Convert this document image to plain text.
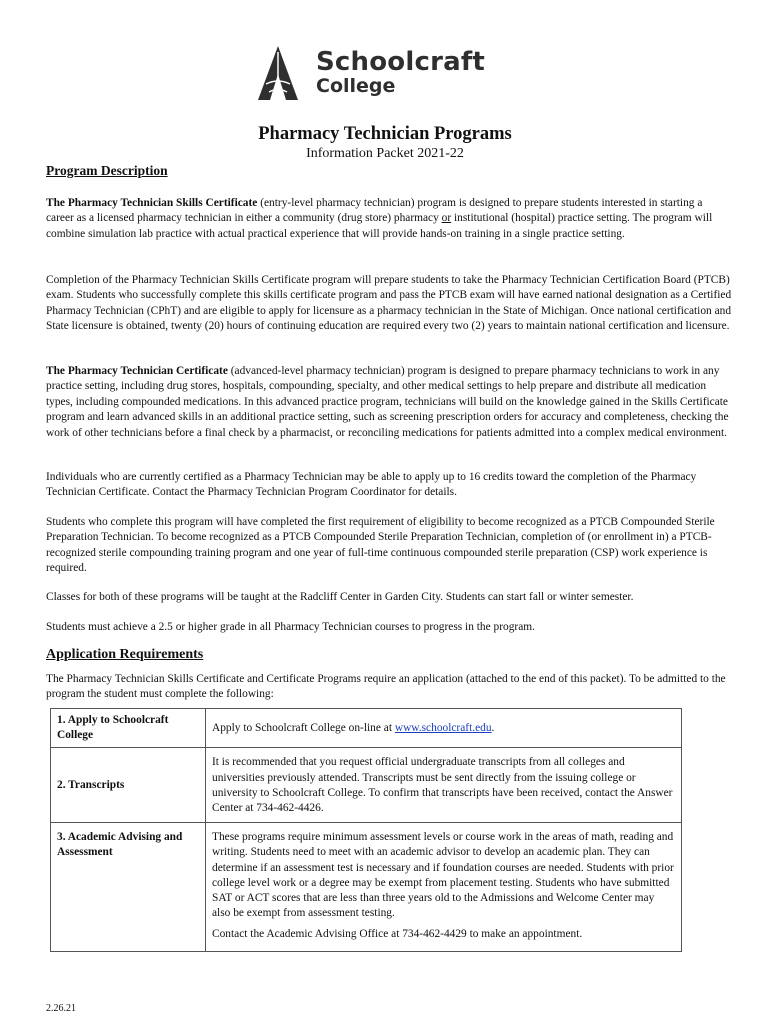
Schoolcraft
College
Pharmacy Technician Programs
Information Packet 2021-22
Program Description

The Pharmacy Technician Skills Certificate (entry-level pharmacy technician) program is designed to prepare students interested in starting a career as a licensed pharmacy technician in either a community (drug store) pharmacy or institutional (hospital) practice setting. The program will combine simulation lab practice with actual practical experience that will provide hands-on training in a single practice setting.

Completion of the Pharmacy Technician Skills Certificate program will prepare students to take the Pharmacy Technician Certification Board (PTCB) exam. Students who successfully complete this skills certificate program and pass the PTCB exam will have earned national designation as a Certified Pharmacy Technician (CPhT) and are eligible to apply for licensure as a pharmacy technician in the State of Michigan. Once national certification and State licensure is obtained, twenty (20) hours of continuing education are required every two (2) years to maintain national certification and licensure.

The Pharmacy Technician Certificate (advanced-level pharmacy technician) program is designed to prepare pharmacy technicians to work in any practice setting, including drug stores, hospitals, compounding, specialty, and other medical settings to help prepare and distribute all medication types, including compounded medications. In this advanced practice program, technicians will build on the knowledge gained in the Skills Certificate program and learn advanced skills in an additional practice setting, such as screening prescription orders for accuracy and completeness, checking the work of other technicians before a final check by a pharmacist, or reconciling medications for patients admitted into a complex medical environment.

Individuals who are currently certified as a Pharmacy Technician may be able to apply up to 16 credits toward the completion of the Pharmacy Technician Certificate. Contact the Pharmacy Technician Program Coordinator for details.

Students who complete this program will have completed the first requirement of eligibility to become recognized as a PTCB Compounded Sterile Preparation Technician. To become recognized as a PTCB Compounded Sterile Preparation Technician, completion of (or enrollment in) a PTCB-recognized sterile compounding training program and one year of full-time continuous compounded sterile preparation (CSP) work experience is required.

Classes for both of these programs will be taught at the Radcliff Center in Garden City. Students can start fall or winter semester.

Students must achieve a 2.5 or higher grade in all Pharmacy Technician courses to progress in the program.

Application Requirements

The Pharmacy Technician Skills Certificate and Certificate Programs require an application (attached to the end of this packet). To be admitted to the program the student must complete the following:

1. Apply to Schoolcraft College	Apply to Schoolcraft College on-line at www.schoolcraft.edu.
2. Transcripts	It is recommended that you request official undergraduate transcripts from all colleges and universities previously attended. Transcripts must be sent directly from the issuing college or university to Schoolcraft College. To confirm that transcripts have been received, contact the Answer Center at 734-462-4426.
3. Academic Advising and Assessment	These programs require minimum assessment levels or course work in the areas of math, reading and writing. Students need to meet with an academic advisor to develop an academic plan. They can determine if an assessment test is necessary and if foundation courses are needed. Students with prior college level work or a degree may be exempt from placement testing. Students who have submitted SAT or ACT scores that are less than three years old to the Admissions and Welcome Center may also be exempt from assessment testing.
Contact the Academic Advising Office at 734-462-4429 to make an appointment.
2.26.21
